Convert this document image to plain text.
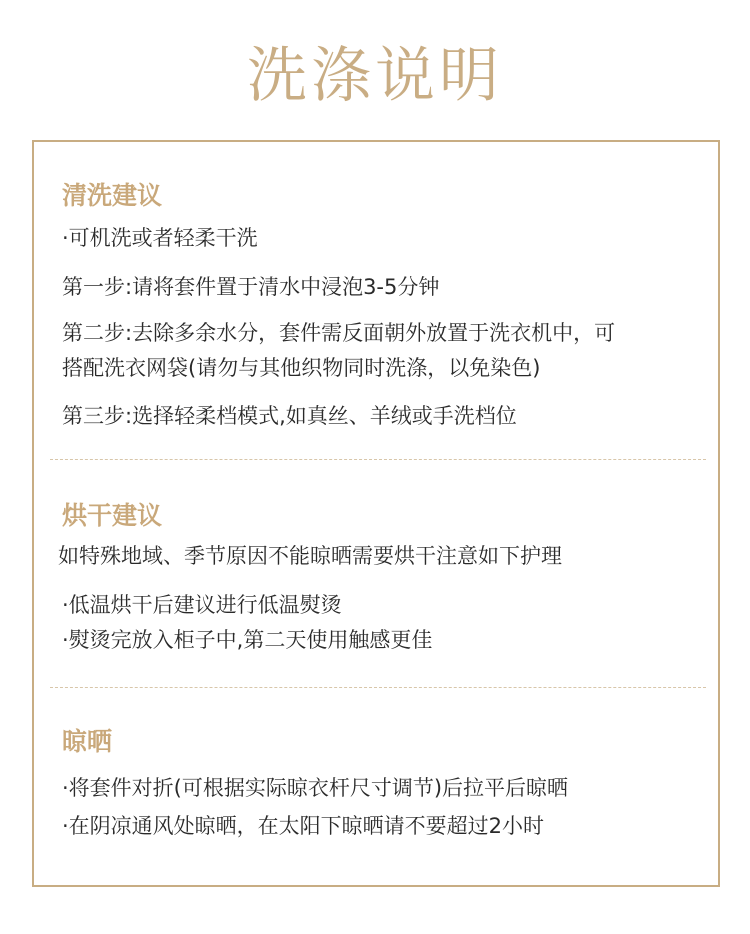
洗涤说明
清洗建议
·可机洗或者轻柔干洗
第一步:请将套件置于清水中浸泡3-5分钟
第二步:去除多余水分，套件需反面朝外放置于洗衣机中，可
搭配洗衣网袋(请勿与其他织物同时洗涤，以免染色)
第三步:选择轻柔档模式,如真丝、羊绒或手洗档位
烘干建议
如特殊地域、季节原因不能晾晒需要烘干注意如下护理
·低温烘干后建议进行低温熨烫
·熨烫完放入柜子中,第二天使用触感更佳
晾晒
·将套件对折(可根据实际晾衣杆尺寸调节)后拉平后晾晒
·在阴凉通风处晾晒，在太阳下晾晒请不要超过2小时
